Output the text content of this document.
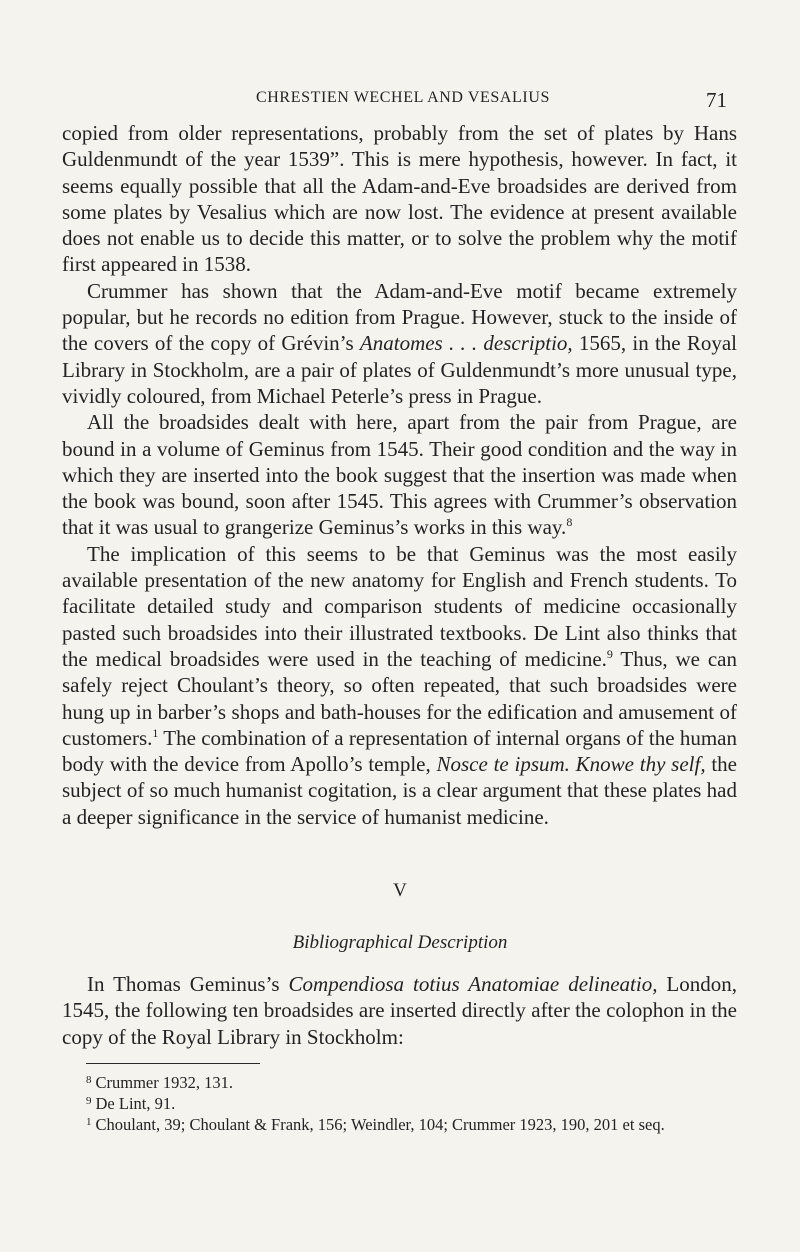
CHRESTIEN WECHEL AND VESALIUS	71

copied from older representations, probably from the set of plates by Hans Guldenmundt of the year 1539”. This is mere hypothesis, however. In fact, it seems equally possible that all the Adam-and-Eve broadsides are derived from some plates by Vesalius which are now lost. The evidence at present available does not enable us to decide this matter, or to solve the problem why the motif first appeared in 1538.

Crummer has shown that the Adam-and-Eve motif became extremely popular, but he records no edition from Prague. However, stuck to the inside of the covers of the copy of Grévin’s Anatomes . . . descriptio, 1565, in the Royal Library in Stockholm, are a pair of plates of Guldenmundt’s more unusual type, vividly coloured, from Michael Peterle’s press in Prague.

All the broadsides dealt with here, apart from the pair from Prague, are bound in a volume of Geminus from 1545. Their good condition and the way in which they are inserted into the book suggest that the insertion was made when the book was bound, soon after 1545. This agrees with Crummer’s observation that it was usual to grangerize Geminus’s works in this way.$^8$

The implication of this seems to be that Geminus was the most easily available presentation of the new anatomy for English and French students. To facilitate detailed study and comparison students of medicine occasionally pasted such broadsides into their illustrated textbooks. De Lint also thinks that the medical broadsides were used in the teaching of medicine.$^9$ Thus, we can safely reject Choulant’s theory, so often repeated, that such broadsides were hung up in barber’s shops and bath-houses for the edification and amusement of customers.$^1$ The combination of a representation of internal organs of the human body with the device from Apollo’s temple, Nosce te ipsum. Knowe thy self, the subject of so much humanist cogitation, is a clear argument that these plates had a deeper significance in the service of humanist medicine.

V
Bibliographical Description

In Thomas Geminus’s Compendiosa totius Anatomiae delineatio, London, 1545, the following ten broadsides are inserted directly after the colophon in the copy of the Royal Library in Stockholm:

$^8$ Crummer 1932, 131.
$^9$ De Lint, 91.
$^1$ Choulant, 39; Choulant & Frank, 156; Weindler, 104; Crummer 1923, 190, 201 et seq.
